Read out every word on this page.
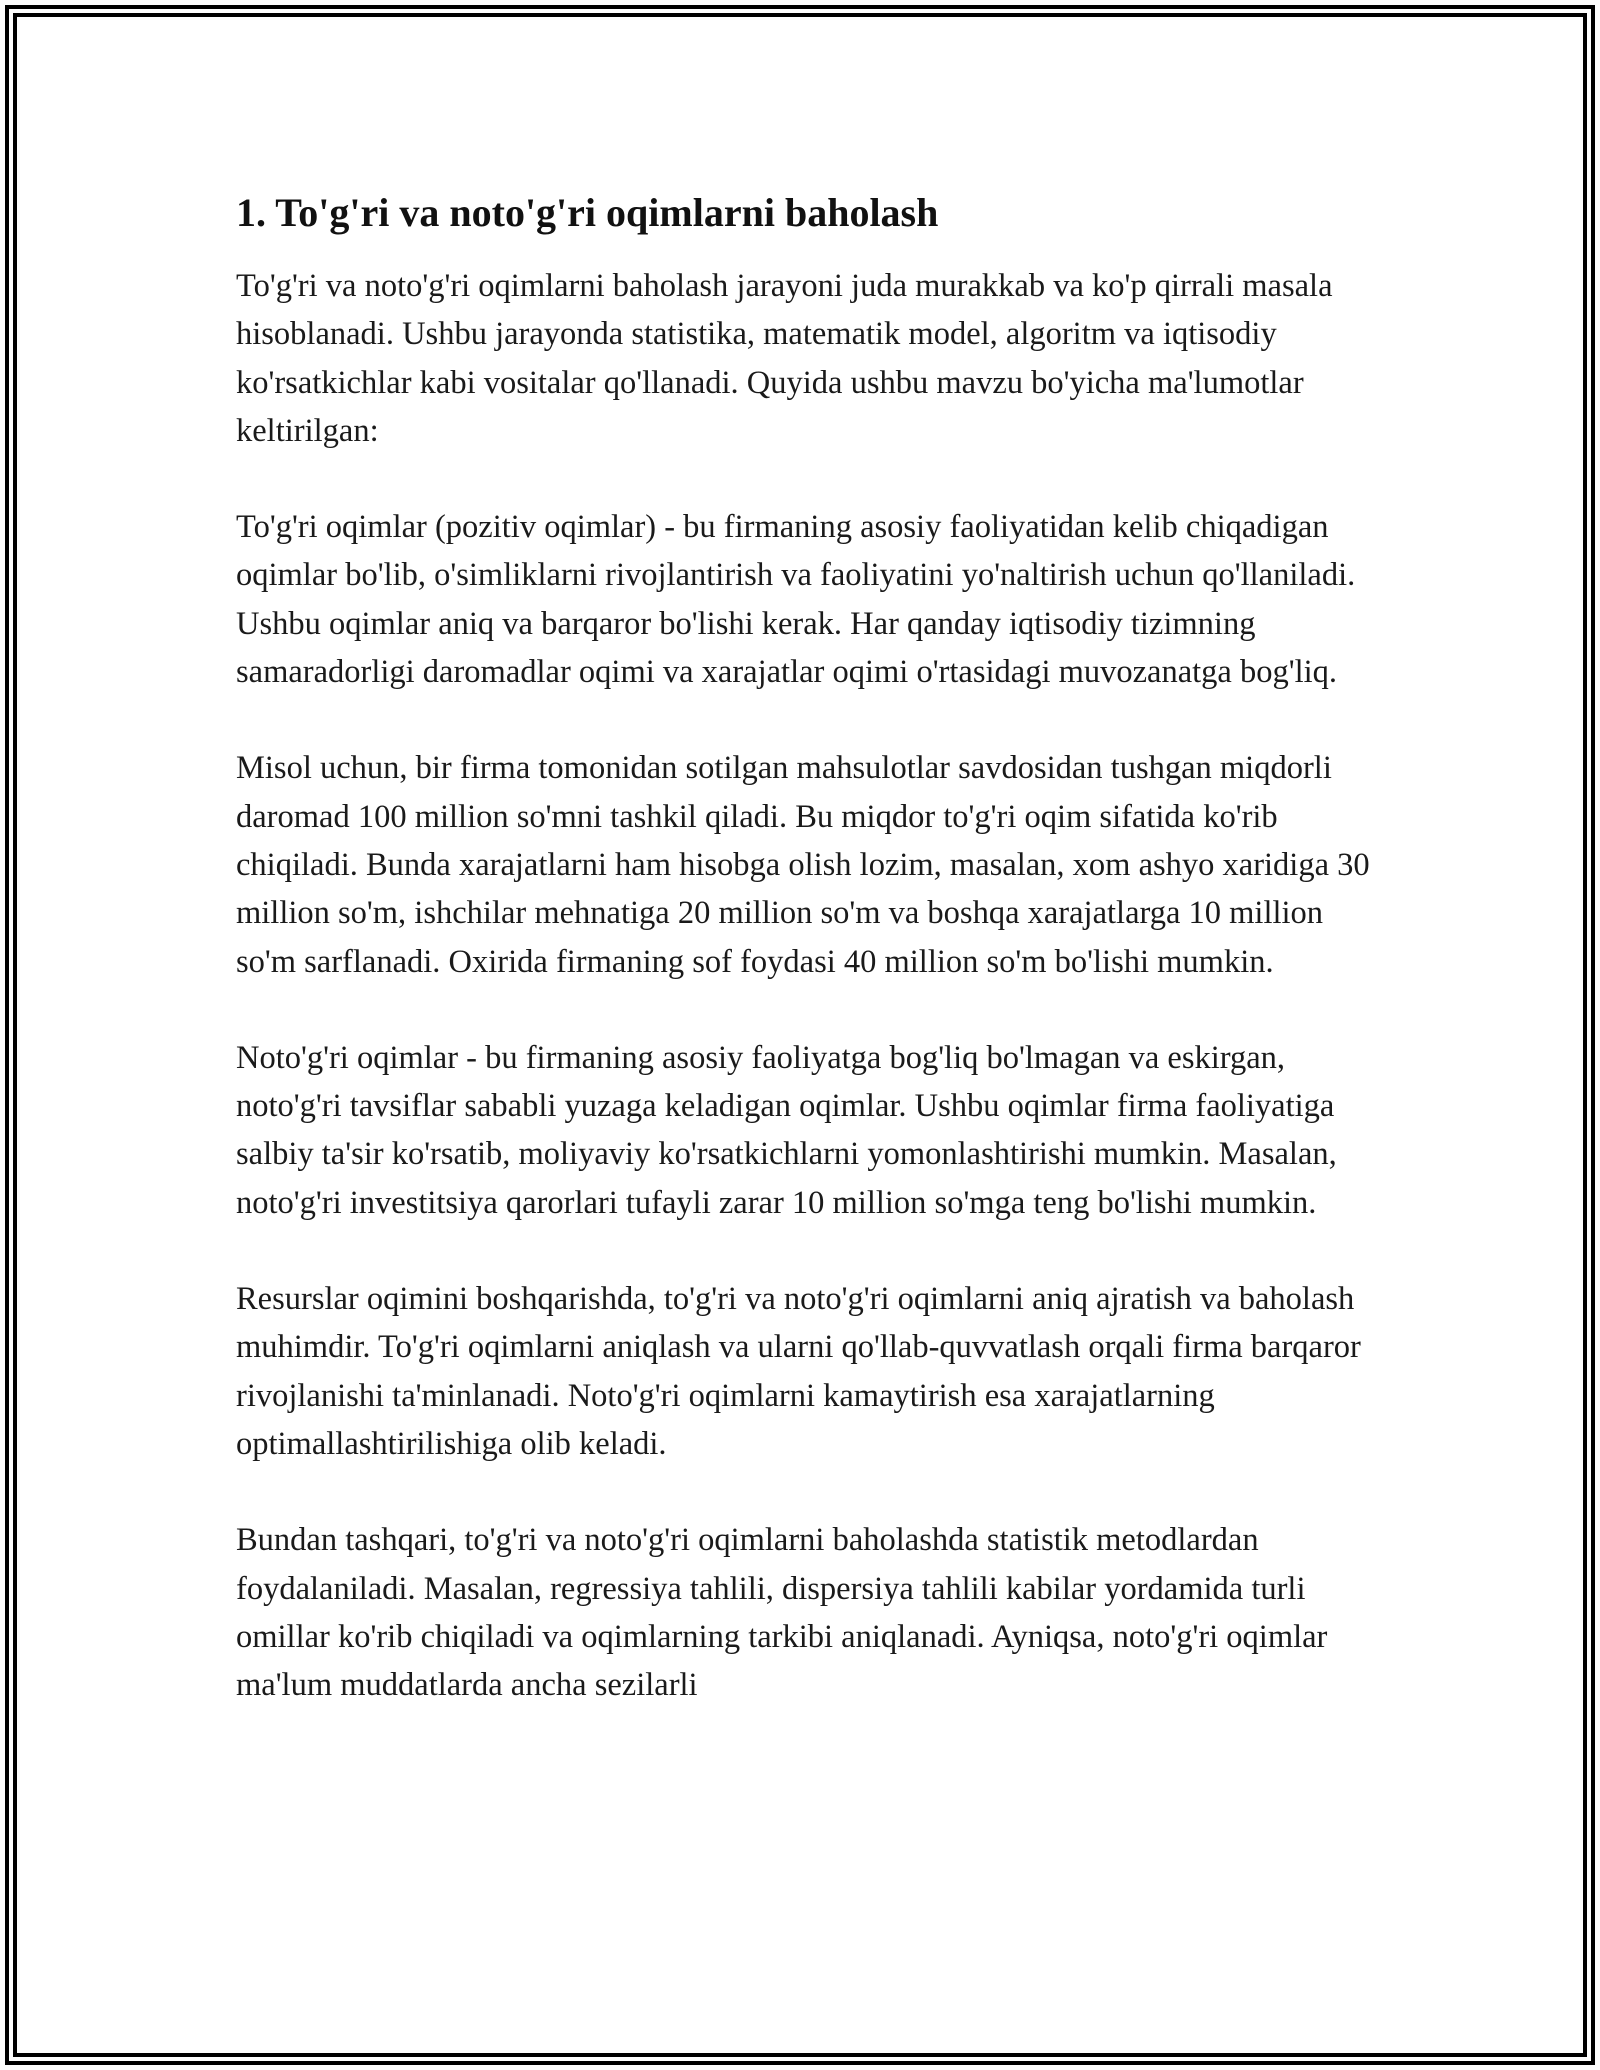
1. To'g'ri va noto'g'ri oqimlarni baholash

To'g'ri va noto'g'ri oqimlarni baholash jarayoni juda murakkab va ko'p qirrali masala hisoblanadi. Ushbu jarayonda statistika, matematik model, algoritm va iqtisodiy ko'rsatkichlar kabi vositalar qo'llanadi. Quyida ushbu mavzu bo'yicha ma'lumotlar keltirilgan:

To'g'ri oqimlar (pozitiv oqimlar) - bu firmaning asosiy faoliyatidan kelib chiqadigan oqimlar bo'lib, o'simliklarni rivojlantirish va faoliyatini yo'naltirish uchun qo'llaniladi. Ushbu oqimlar aniq va barqaror bo'lishi kerak. Har qanday iqtisodiy tizimning samaradorligi daromadlar oqimi va xarajatlar oqimi o'rtasidagi muvozanatga bog'liq.

Misol uchun, bir firma tomonidan sotilgan mahsulotlar savdosidan tushgan miqdorli daromad 100 million so'mni tashkil qiladi. Bu miqdor to'g'ri oqim sifatida ko'rib chiqiladi. Bunda xarajatlarni ham hisobga olish lozim, masalan, xom ashyo xaridiga 30 million so'm, ishchilar mehnatiga 20 million so'm va boshqa xarajatlarga 10 million so'm sarflanadi. Oxirida firmaning sof foydasi 40 million so'm bo'lishi mumkin.

Noto'g'ri oqimlar - bu firmaning asosiy faoliyatga bog'liq bo'lmagan va eskirgan, noto'g'ri tavsiflar sababli yuzaga keladigan oqimlar. Ushbu oqimlar firma faoliyatiga salbiy ta'sir ko'rsatib, moliyaviy ko'rsatkichlarni yomonlashtirishi mumkin. Masalan, noto'g'ri investitsiya qarorlari tufayli zarar 10 million so'mga teng bo'lishi mumkin.

Resurslar oqimini boshqarishda, to'g'ri va noto'g'ri oqimlarni aniq ajratish va baholash muhimdir. To'g'ri oqimlarni aniqlash va ularni qo'llab-quvvatlash orqali firma barqaror rivojlanishi ta'minlanadi. Noto'g'ri oqimlarni kamaytirish esa xarajatlarning optimallashtirilishiga olib keladi.

Bundan tashqari, to'g'ri va noto'g'ri oqimlarni baholashda statistik metodlardan foydalaniladi. Masalan, regressiya tahlili, dispersiya tahlili kabilar yordamida turli omillar ko'rib chiqiladi va oqimlarning tarkibi aniqlanadi. Ayniqsa, noto'g'ri oqimlar ma'lum muddatlarda ancha sezilarli
